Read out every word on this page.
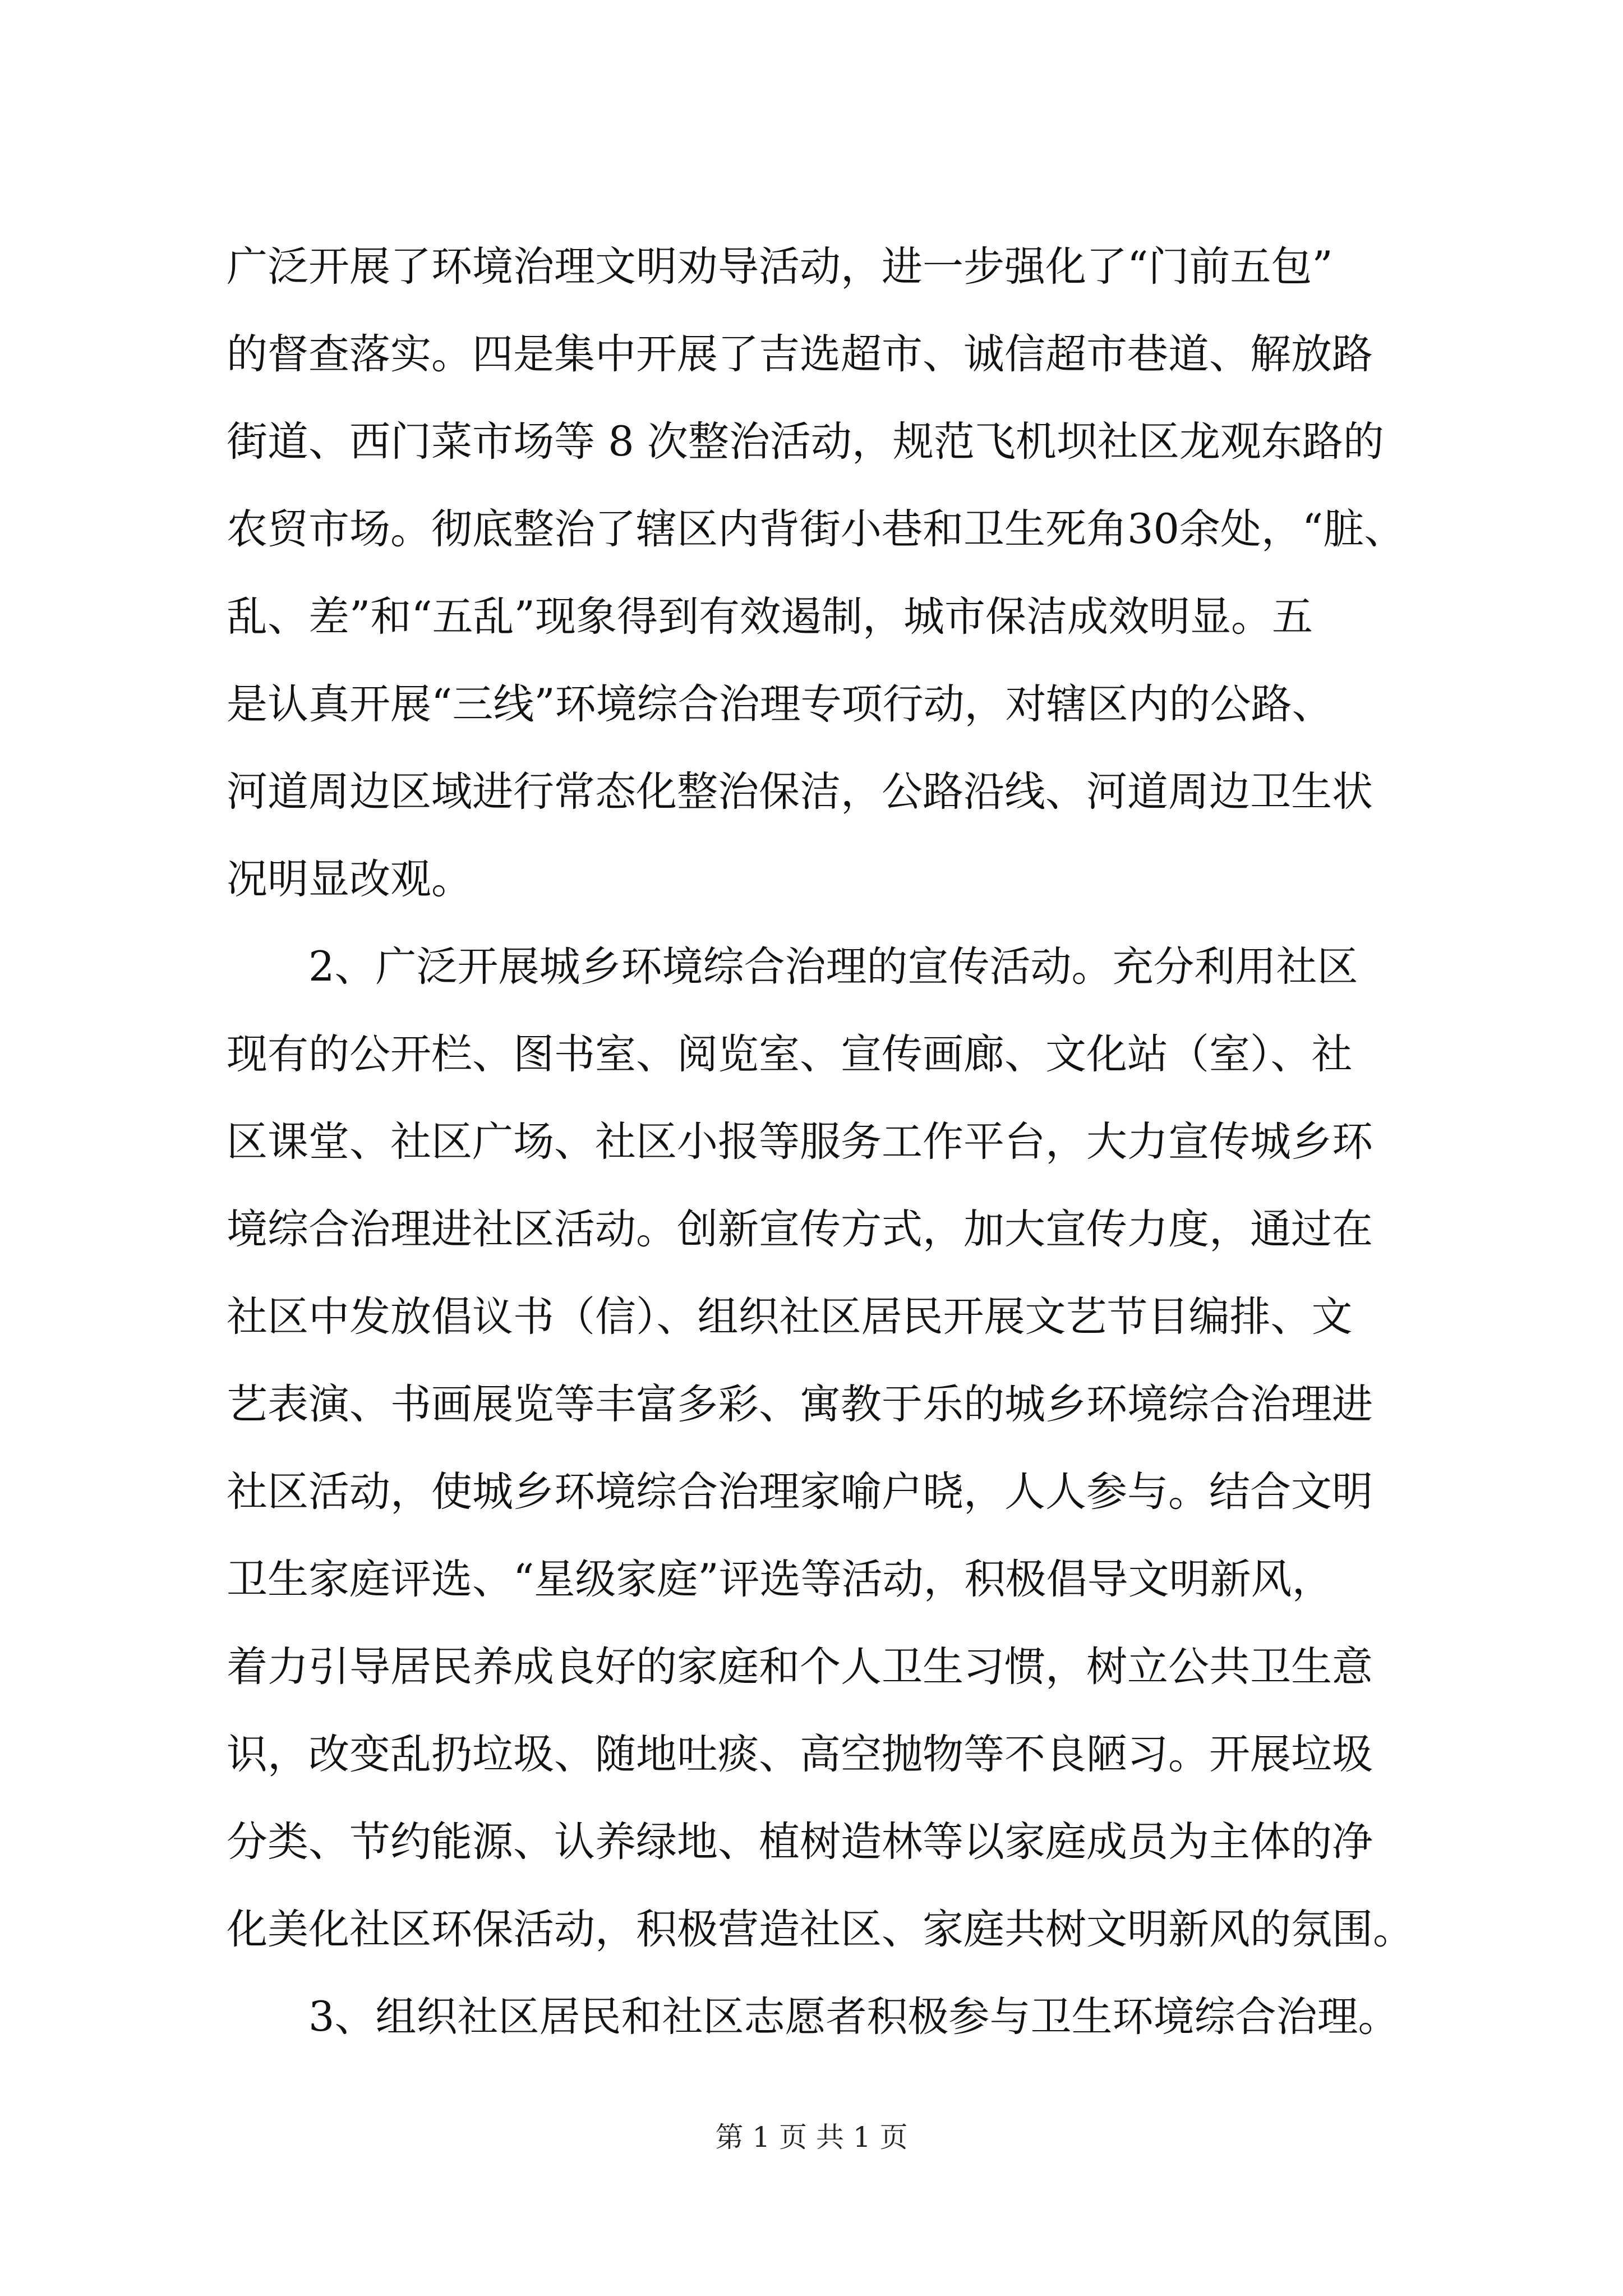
广泛开展了环境治理文明劝导活动，进一步强化了“门前五包”
的督查落实。四是集中开展了吉选超市、诚信超市巷道、解放路
街道、西门菜市场等 8 次整治活动，规范飞机坝社区龙观东路的
农贸市场。彻底整治了辖区内背街小巷和卫生死角30余处，“脏、
乱、差”和“五乱”现象得到有效遏制，城市保洁成效明显。五
是认真开展“三线”环境综合治理专项行动，对辖区内的公路、
河道周边区域进行常态化整治保洁，公路沿线、河道周边卫生状
况明显改观。
2、广泛开展城乡环境综合治理的宣传活动。充分利用社区
现有的公开栏、图书室、阅览室、宣传画廊、文化站（室）、社
区课堂、社区广场、社区小报等服务工作平台，大力宣传城乡环
境综合治理进社区活动。创新宣传方式，加大宣传力度，通过在
社区中发放倡议书（信）、组织社区居民开展文艺节目编排、文
艺表演、书画展览等丰富多彩、寓教于乐的城乡环境综合治理进
社区活动，使城乡环境综合治理家喻户晓，人人参与。结合文明
卫生家庭评选、“星级家庭”评选等活动，积极倡导文明新风，
着力引导居民养成良好的家庭和个人卫生习惯，树立公共卫生意
识，改变乱扔垃圾、随地吐痰、高空抛物等不良陋习。开展垃圾
分类、节约能源、认养绿地、植树造林等以家庭成员为主体的净
化美化社区环保活动，积极营造社区、家庭共树文明新风的氛围。
3、组织社区居民和社区志愿者积极参与卫生环境综合治理。
第 1 页 共 1 页
